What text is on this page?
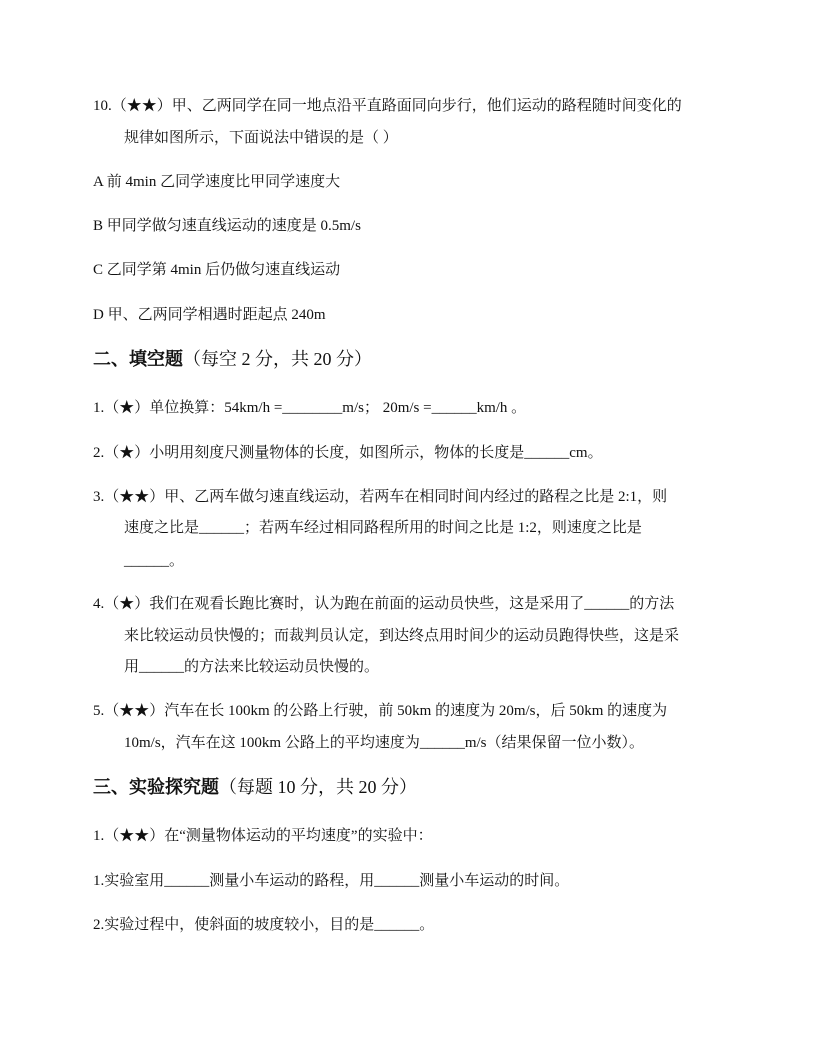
10.（★★）甲、乙两同学在同一地点沿平直路面同向步行，他们运动的路程随时间变化的
规律如图所示，下面说法中错误的是（ ）
A 前 4min 乙同学速度比甲同学速度大
B 甲同学做匀速直线运动的速度是 0.5m/s
C 乙同学第 4min 后仍做匀速直线运动
D 甲、乙两同学相遇时距起点 240m
二、填空题（每空 2 分，共 20 分）
1.（★）单位换算：54km/h =________m/s； 20m/s =______km/h 。
2.（★）小明用刻度尺测量物体的长度，如图所示，物体的长度是______cm。
3.（★★）甲、乙两车做匀速直线运动，若两车在相同时间内经过的路程之比是 2:1，则
速度之比是______；若两车经过相同路程所用的时间之比是 1:2，则速度之比是
______。
4.（★）我们在观看长跑比赛时，认为跑在前面的运动员快些，这是采用了______的方法
来比较运动员快慢的；而裁判员认定，到达终点用时间少的运动员跑得快些，这是采
用______的方法来比较运动员快慢的。
5.（★★）汽车在长 100km 的公路上行驶，前 50km 的速度为 20m/s，后 50km 的速度为
10m/s，汽车在这 100km 公路上的平均速度为______m/s（结果保留一位小数）。
三、实验探究题（每题 10 分，共 20 分）
1.（★★）在“测量物体运动的平均速度”的实验中：
1.实验室用______测量小车运动的路程，用______测量小车运动的时间。
2.实验过程中，使斜面的坡度较小，目的是______。
